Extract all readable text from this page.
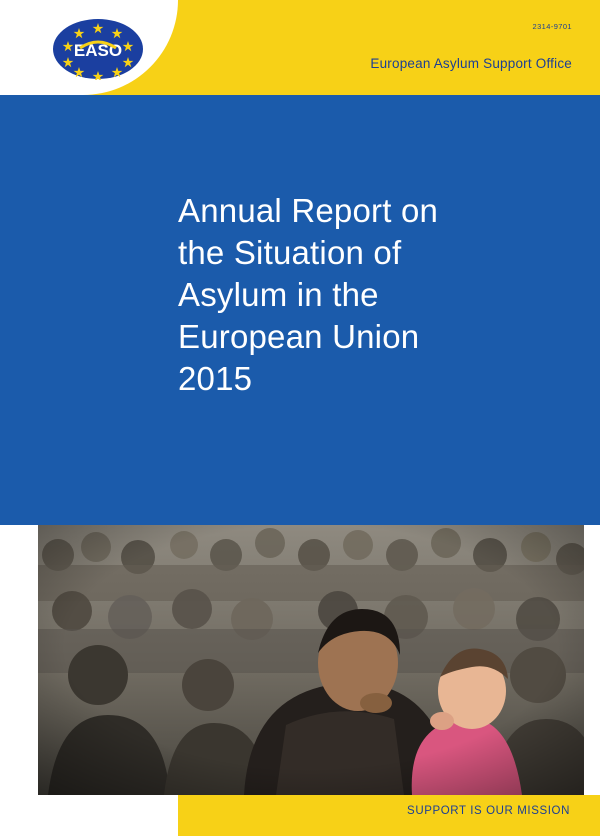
EASO
2314-9701
European Asylum Support Office
Annual Report on
the Situation of
Asylum in the
European Union
2015
SUPPORT IS OUR MISSION
